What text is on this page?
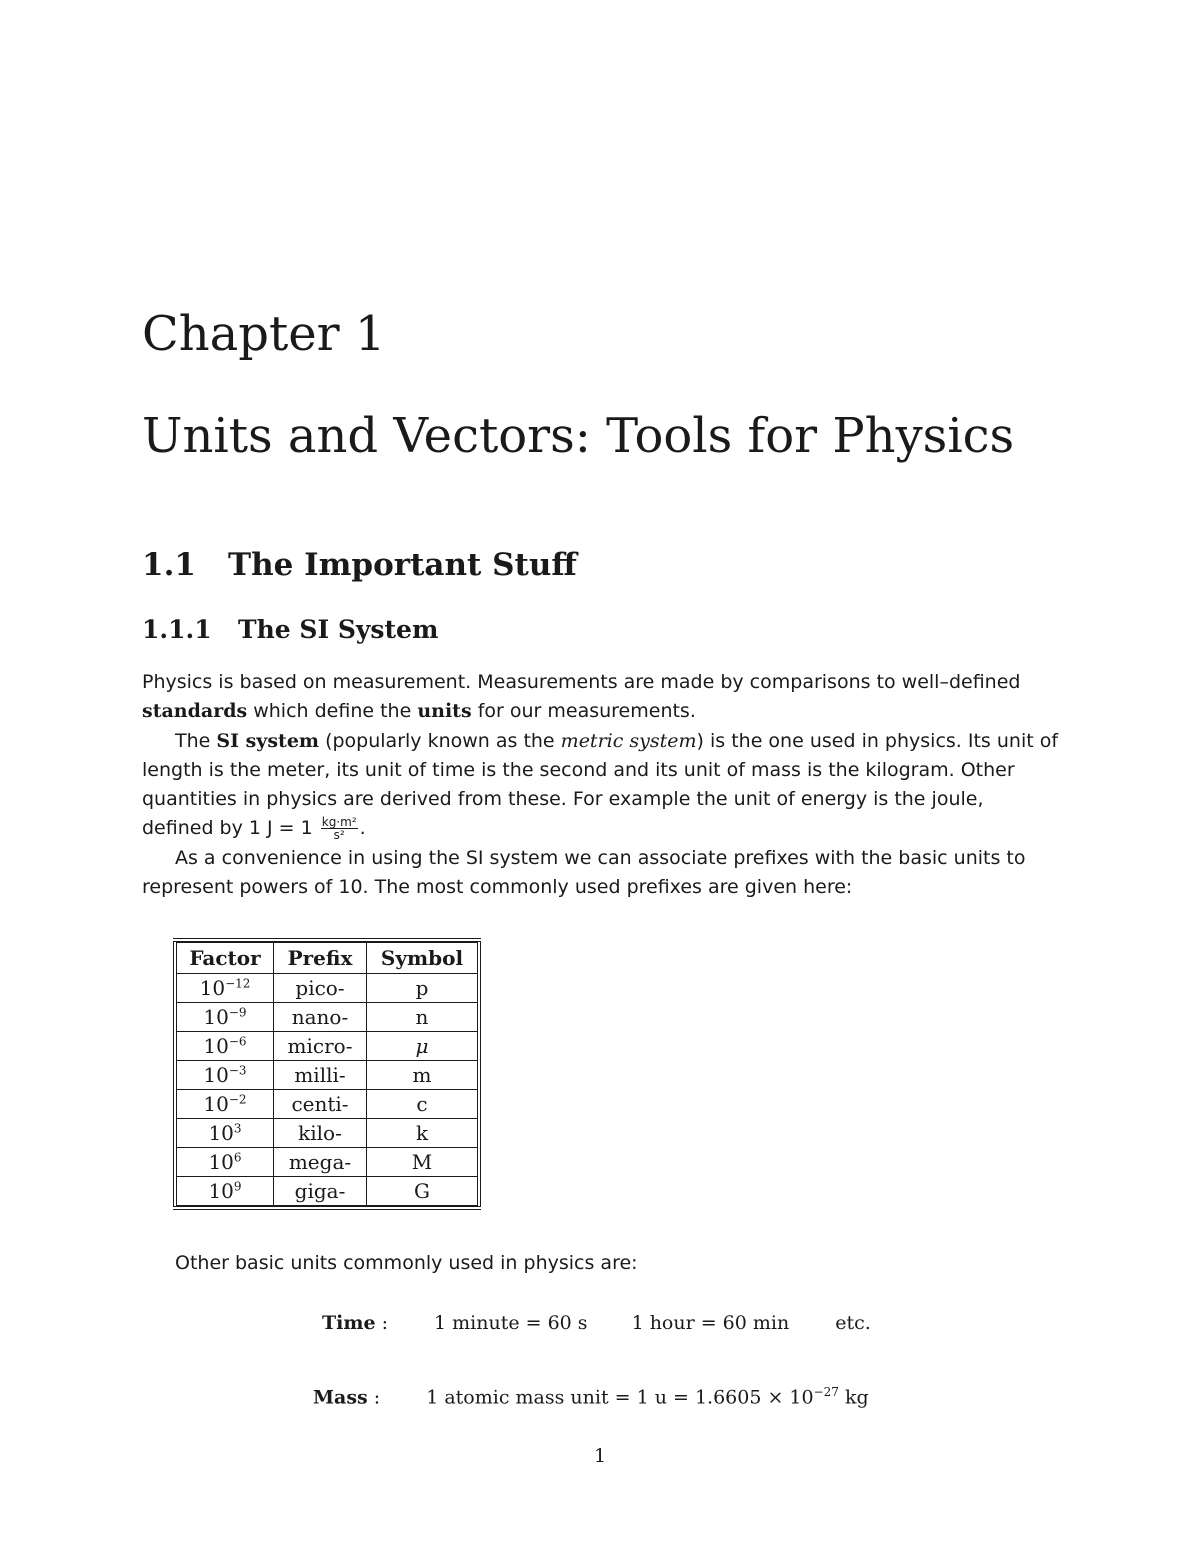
Chapter 1
Units and Vectors: Tools for Physics
1.1 The Important Stuff
1.1.1 The SI System
Physics is based on measurement. Measurements are made by comparisons to well–defined standards which define the units for our measurements.
The SI system (popularly known as the metric system) is the one used in physics. Its unit of length is the meter, its unit of time is the second and its unit of mass is the kilogram. Other quantities in physics are derived from these. For example the unit of energy is the joule, defined by 1 $J = 1 \frac{\text{kg·m²}}{\text{s²}}$ .
As a convenience in using the SI system we can associate prefixes with the basic units to represent powers of 10. The most commonly used prefixes are given here:
Factor	Prefix	Symbol
$10^{-12}$	pico-	p
$10^{-9}$	nano-	n
$10^{-6}$	micro-	μ
$10^{-3}$	milli-	m
$10^{-2}$	centi-	c
$10^3$	kilo-	k
$10^6$	mega-	M
$10^9$	giga-	G
Other basic units commonly used in physics are:
Time : 1 minute = 60 s 1 hour = 60 min etc.
Mass : 1 atomic mass unit = 1 $u = 1.6605 \times 10^{-27}$ kg
1
